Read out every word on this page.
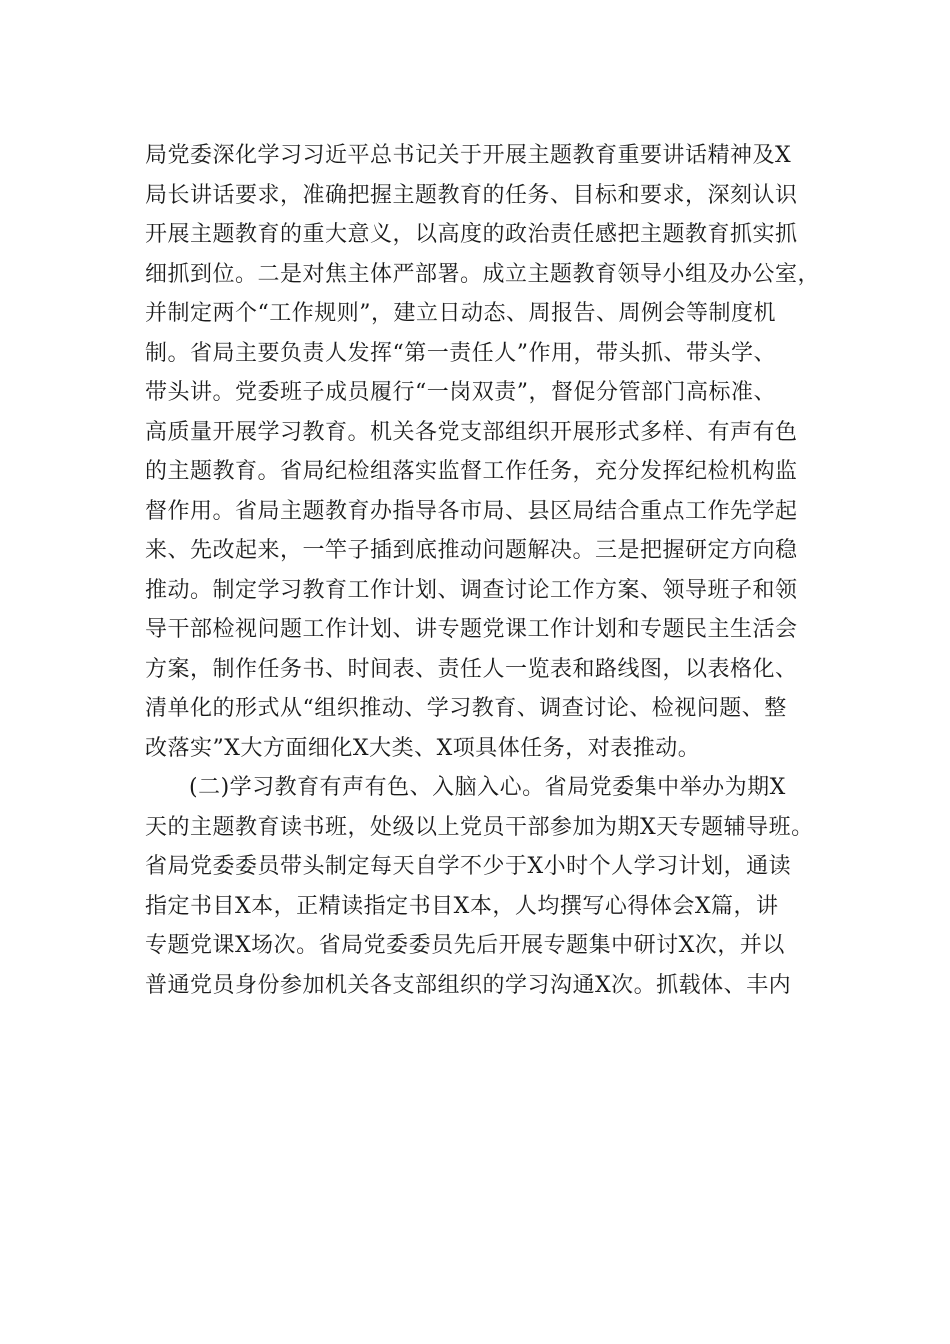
局党委深化学习习近平总书记关于开展主题教育重要讲话精神及X
局长讲话要求，准确把握主题教育的任务、目标和要求，深刻认识
开展主题教育的重大意义，以高度的政治责任感把主题教育抓实抓
细抓到位。二是对焦主体严部署。成立主题教育领导小组及办公室，
并制定两个“工作规则”，建立日动态、周报告、周例会等制度机
制。省局主要负责人发挥“第一责任人”作用，带头抓、带头学、
带头讲。党委班子成员履行“一岗双责”，督促分管部门高标准、
高质量开展学习教育。机关各党支部组织开展形式多样、有声有色
的主题教育。省局纪检组落实监督工作任务，充分发挥纪检机构监
督作用。省局主题教育办指导各市局、县区局结合重点工作先学起
来、先改起来，一竿子插到底推动问题解决。三是把握研定方向稳
推动。制定学习教育工作计划、调查讨论工作方案、领导班子和领
导干部检视问题工作计划、讲专题党课工作计划和专题民主生活会
方案，制作任务书、时间表、责任人一览表和路线图，以表格化、
清单化的形式从“组织推动、学习教育、调查讨论、检视问题、整
改落实”X大方面细化X大类、X项具体任务，对表推动。
(二)学习教育有声有色、入脑入心。省局党委集中举办为期X
天的主题教育读书班，处级以上党员干部参加为期X天专题辅导班。
省局党委委员带头制定每天自学不少于X小时个人学习计划，通读
指定书目X本，正精读指定书目X本，人均撰写心得体会X篇，讲
专题党课X场次。省局党委委员先后开展专题集中研讨X次，并以
普通党员身份参加机关各支部组织的学习沟通X次。抓载体、丰内
